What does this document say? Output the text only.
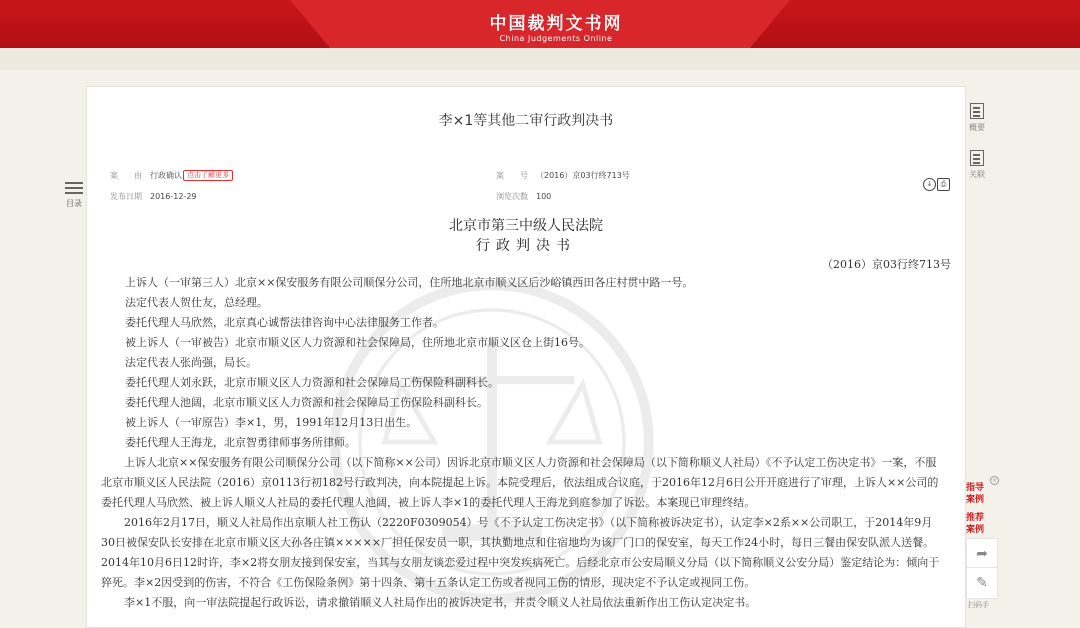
中国裁判文书网
China Judgements Online
目录
李×1等其他二审行政判决书
案　　由 行政确认 点击了解更多	案　　号 （2016）京03行终713号
发布日期 2016-12-29	浏览次数 100
↓	⎙
北京市第三中级人民法院
行政判决书
（2016）京03行终713号

上诉人（一审第三人）北京××保安服务有限公司顺保分公司，住所地北京市顺义区后沙峪镇西田各庄村贯中路一号。

法定代表人贺仕友，总经理。

委托代理人马欣然，北京真心诚帮法律咨询中心法律服务工作者。

被上诉人（一审被告）北京市顺义区人力资源和社会保障局，住所地北京市顺义区仓上街16号。

法定代表人张尚强，局长。

委托代理人刘永跃，北京市顺义区人力资源和社会保障局工伤保险科副科长。

委托代理人池阔，北京市顺义区人力资源和社会保障局工伤保险科副科长。

被上诉人（一审原告）李×1，男，1991年12月13日出生。

委托代理人王海龙，北京智勇律师事务所律师。

上诉人北京××保安服务有限公司顺保分公司（以下简称××公司）因诉北京市顺义区人力资源和社会保障局（以下简称顺义人社局）《不予认定工伤决定书》一案，不服北京市顺义区人民法院（2016）京0113行初182号行政判决，向本院提起上诉。本院受理后，依法组成合议庭，于2016年12月6日公开开庭进行了审理，上诉人××公司的委托代理人马欣然、被上诉人顺义人社局的委托代理人池阔，被上诉人李×1的委托代理人王海龙到庭参加了诉讼。本案现已审理终结。

2016年2月17日，顺义人社局作出京顺人社工伤认（2220F0309054）号《不予认定工伤决定书》（以下简称被诉决定书），认定李×2系××公司职工，于2014年9月30日被保安队长安排在北京市顺义区大孙各庄镇×××××厂担任保安员一职，其执勤地点和住宿地均为该厂门口的保安室，每天工作24小时，每日三餐由保安队派人送餐。2014年10月6日12时许，李×2将女朋友接到保安室，当其与女朋友谈恋爱过程中突发疾病死亡。后经北京市公安局顺义分局（以下简称顺义公安分局）鉴定结论为：倾向于猝死。李×2因受到的伤害，不符合《工伤保险条例》第十四条、第十五条认定工伤或者视同工伤的情形，现决定不予认定或视同工伤。

李×1不服，向一审法院提起行政诉讼，请求撤销顺义人社局作出的被诉决定书，并责令顺义人社局依法重新作出工伤认定决定书。

概要
关联
×
指导案例
推荐案例
➦
✎
扫码手
